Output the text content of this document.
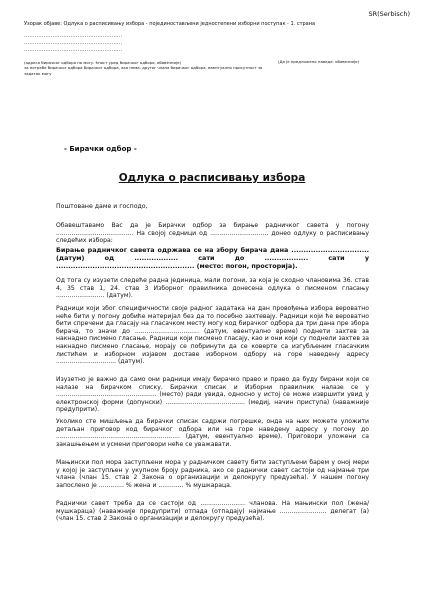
SR(Serbisch)
Узорак објаве: Одлука о расписивању избора - појединостављени једностепени изборни поступак - 1. страна
.......................................................
.......................................................
.......................................................
(адреса бирачког одбора по могу. ћност уред бирачког одбора, обавезније)
за потребе бирачког одбора бирачког одбора, ако нема. другог члана бирачког одбора, евентуално присутност за задатак могу
(Да је предложено наведе. обавезније)
- Бирачки одбор -
Одлука о расписивању избора
Поштоване даме и господо,

Обавештавамо Вас да је Бирачки одбор за бирање радничког савета у погону ........................................ На својој седници од .............................. донео одлуку о расписивању следећих избора:

Бирање радничког савета одржава се на збору бирача дана ................................ (датум) од .................. сати до .................. сати у ......................................................... (место: погон, просторија).

Од тога су изузети следеће радна јединица, мали погони, за која је сходно члановима 36. став 4, 35 став 1, 24. став 3 Изборног правилника донесена одлука о писменом гласању ......................... (датум).

Радници који због специфичности своје радног задатака на дан провођења избора вероватно неће бити у погону добиће материјал без да то посебно захтевају. Радници који ће вероватно бити спречени да гласају на гласачком месту могу код бирачког одбора да три дана пре збора бирача, то значи до ................................. (датум, евентуално време) поднети захтев за накнадно писмено гласање. Радници који писмено гласају, као и они који су поднели захтев за накнадно писмено гласање, морају се побринути да се коверте са изгубљеним гласачким листићем и изборном изјавом доставе изборном одбору на горе наведену адресу ............................... (датум).

Изузетно је важно да само они радници имају бирачко право и право да буду бирани који се налазе на бирачком списку. Бирачки списак и Изборни правилник налазе се у .................................................... (место) ради увида, односно у истој се може извршити увид у електронској форми (допунски) ......................................... (медиј, начин приступа) (наважније предуприти).

Уколико сте мишљења да бирачки списак садржи погрешке, онда на њих можете уложити детаљан приговор код бирачког одбора или на горе наведену адресу у погону до ................................................................ (датум, евентуално време). Приговори уложени са закашњењем и усмени приговори неће се уважавати.

Мањински пол мора заступљени мора у радничком савету бити заступљени барем у оној мери у којој је заступљен у укупном броју радника, ако се раднички савет састоји од најмање три члана (члан 15. став 2 Закона о организацији и делокругу предузећа). У нашем погону запослено је ............. % жена и ............. % мушкараца.

Раднички савет треба да се састоји од ....................... чланова. На мањински пол (жена/мушкараца) (наважније предуприти) отпада (отпадају) најмање ........................ делегат (а) (члан 15. став 2 Закона о организацији и делокругу предузећа).
